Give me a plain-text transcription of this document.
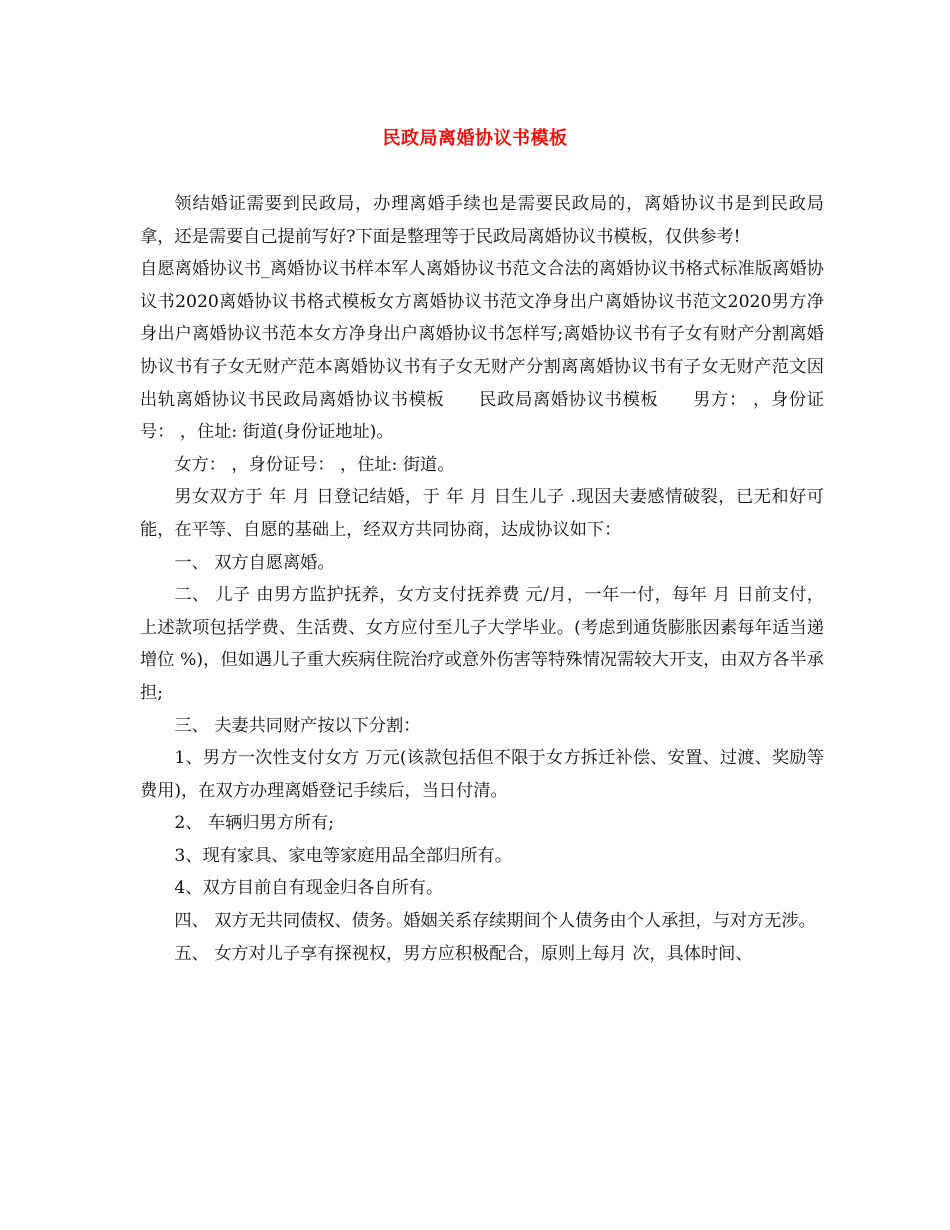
民政局离婚协议书模板

领结婚证需要到民政局，办理离婚手续也是需要民政局的，离婚协议书是到民政局拿，还是需要自己提前写好?下面是整理等于民政局离婚协议书模板，仅供参考!

自愿离婚协议书_离婚协议书样本军人离婚协议书范文合法的离婚协议书格式标准版离婚协议书2020离婚协议书格式模板女方离婚协议书范文净身出户离婚协议书范文2020男方净身出户离婚协议书范本女方净身出户离婚协议书怎样写;离婚协议书有子女有财产分割离婚协议书有子女无财产范本离婚协议书有子女无财产分割离离婚协议书有子女无财产范文因出轨离婚协议书民政局离婚协议书模板 民政局离婚协议书模板 男方： ，身份证号： ，住址: 街道(身份证地址)。

女方： ，身份证号： ，住址: 街道。

男女双方于 年 月 日登记结婚，于 年 月 日生儿子 .现因夫妻感情破裂，已无和好可能，在平等、自愿的基础上，经双方共同协商，达成协议如下：

一、 双方自愿离婚。

二、 儿子 由男方监护抚养，女方支付抚养费 元/月，一年一付，每年 月 日前支付，上述款项包括学费、生活费、女方应付至儿子大学毕业。(考虑到通货膨胀因素每年适当递增位 %)，但如遇儿子重大疾病住院治疗或意外伤害等特殊情况需较大开支，由双方各半承担;

三、 夫妻共同财产按以下分割：

1、男方一次性支付女方 万元(该款包括但不限于女方拆迁补偿、安置、过渡、奖励等费用)，在双方办理离婚登记手续后，当日付清。

2、 车辆归男方所有;

3、现有家具、家电等家庭用品全部归所有。

4、双方目前自有现金归各自所有。

四、 双方无共同债权、债务。婚姻关系存续期间个人债务由个人承担，与对方无涉。

五、 女方对儿子享有探视权，男方应积极配合，原则上每月 次，具体时间、
